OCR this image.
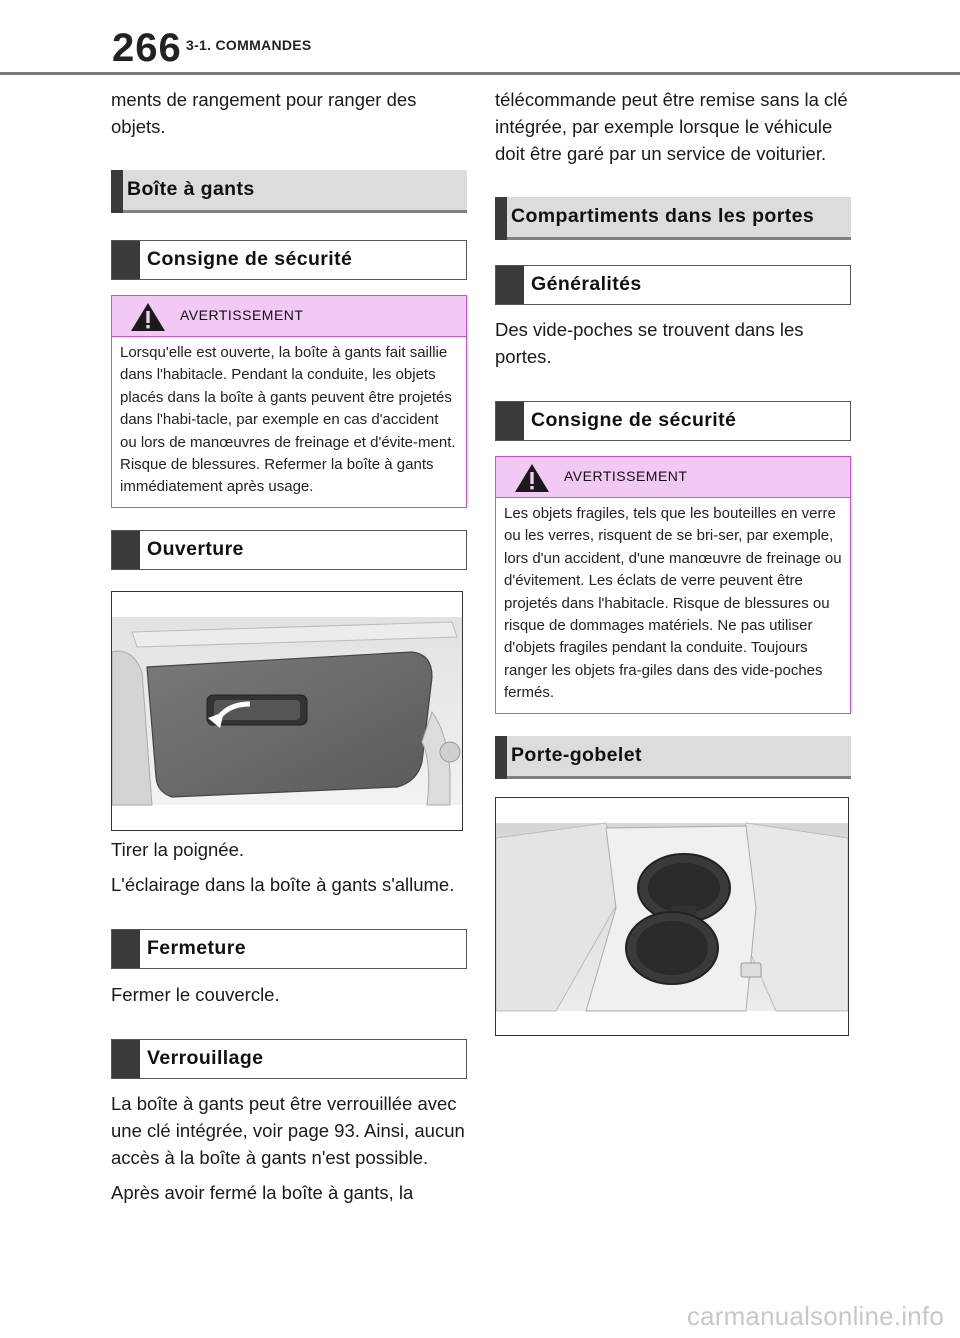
266 3-1. COMMANDES

ments de rangement pour ranger des objets.

Boîte à gants
Consigne de sécurité
AVERTISSEMENT
Lorsqu'elle est ouverte, la boîte à gants fait saillie dans l'habitacle. Pendant la conduite, les objets placés dans la boîte à gants peuvent être projetés dans l'habi-tacle, par exemple en cas d'accident ou lors de manœuvres de freinage et d'évite-ment. Risque de blessures. Refermer la boîte à gants immédiatement après usage.
Ouverture

Tirer la poignée.

L'éclairage dans la boîte à gants s'allume.

Fermeture

Fermer le couvercle.

Verrouillage

La boîte à gants peut être verrouillée avec une clé intégrée, voir page 93. Ainsi, aucun accès à la boîte à gants n'est possible.

Après avoir fermé la boîte à gants, la

télécommande peut être remise sans la clé intégrée, par exemple lorsque le véhicule doit être garé par un service de voiturier.

Compartiments dans les portes
Généralités

Des vide-poches se trouvent dans les portes.

Consigne de sécurité
AVERTISSEMENT
Les objets fragiles, tels que les bouteilles en verre ou les verres, risquent de se bri-ser, par exemple, lors d'un accident, d'une manœuvre de freinage ou d'évitement. Les éclats de verre peuvent être projetés dans l'habitacle. Risque de blessures ou risque de dommages matériels. Ne pas utiliser d'objets fragiles pendant la conduite. Toujours ranger les objets fra-giles dans des vide-poches fermés.
Porte-gobelet
carmanualsonline.info
